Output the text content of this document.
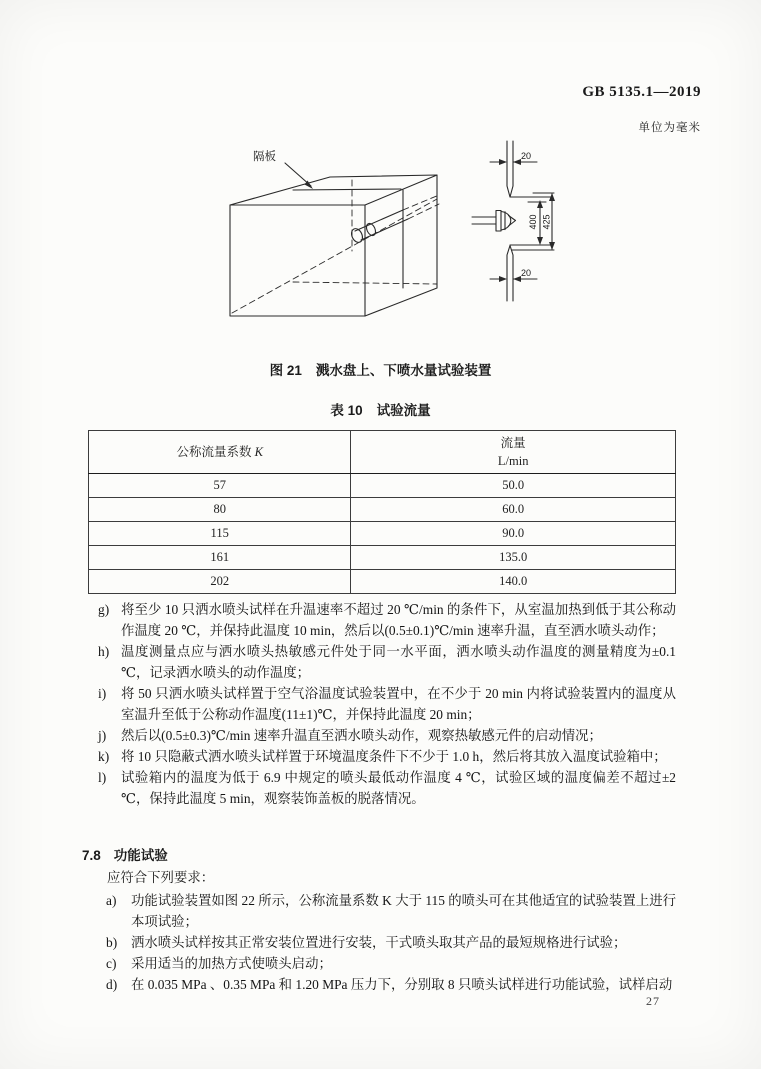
GB 5135.1—2019
单位为毫米
隔板	20
400 425
20
图 21 溅水盘上、下喷水量试验装置
表 10 试验流量
公称流量系数 K	流量
L/min

57	50.0
80	60.0
115	90.0
161	135.0
202	140.0
g) 将至少 10 只洒水喷头试样在升温速率不超过 20 ℃/min 的条件下，从室温加热到低于其公称动作温度 20 ℃，并保持此温度 10 min，然后以(0.5±0.1)℃/min 速率升温，直至洒水喷头动作；
h) 温度测量点应与洒水喷头热敏感元件处于同一水平面，洒水喷头动作温度的测量精度为±0.1 ℃，记录洒水喷头的动作温度；
i)	将 50 只洒水喷头试样置于空气浴温度试验装置中，在不少于 20 min 内将试验装置内的温度从室温升至低于公称动作温度(11±1)℃，并保持此温度 20 min；
j)	然后以(0.5±0.3)℃/min 速率升温直至洒水喷头动作，观察热敏感元件的启动情况；
k) 将 10 只隐蔽式洒水喷头试样置于环境温度条件下不少于 1.0 h，然后将其放入温度试验箱中；
l)	试验箱内的温度为低于 6.9 中规定的喷头最低动作温度 4 ℃，试验区域的温度偏差不超过±2 ℃，保持此温度 5 min，观察装饰盖板的脱落情况。
7.8 功能试验
应符合下列要求：
a)	功能试验装置如图 22 所示，公称流量系数 K 大于 115 的喷头可在其他适宜的试验装置上进行本项试验；
b)	洒水喷头试样按其正常安装位置进行安装，干式喷头取其产品的最短规格进行试验；
c)	采用适当的加热方式使喷头启动；
d)	在 0.035 MPa 、0.35 MPa 和 1.20 MPa 压力下，分别取 8 只喷头试样进行功能试验，试样启动
27
